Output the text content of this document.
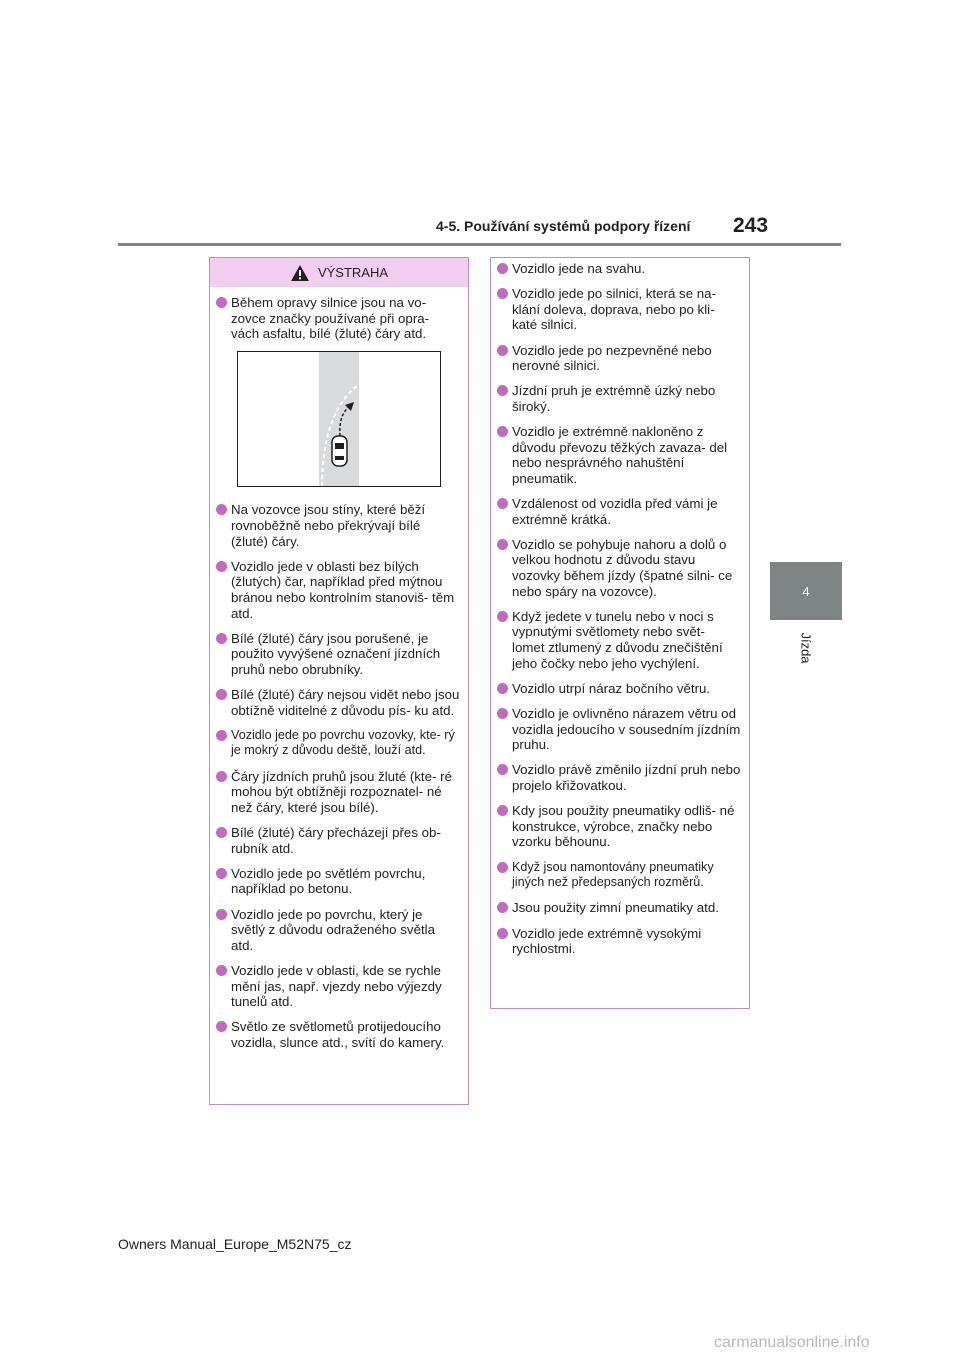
4-5. Používání systémů podpory řízení 243
4
Jízda
VÝSTRAHA
Během opravy silnice jsou na vo- zovce značky používané při opra- vách asfaltu, bílé (žluté) čáry atd.
Na vozovce jsou stíny, které běží rovnoběžně nebo překrývají bílé (žluté) čáry.
Vozidlo jede v oblasti bez bílých (žlutých) čar, například před mýtnou bránou nebo kontrolním stanoviš- těm atd.
Bílé (žluté) čáry jsou porušené, je použito vyvýšené označení jízdních pruhů nebo obrubníky.
Bílé (žluté) čáry nejsou vidět nebo jsou obtížně viditelné z důvodu pís- ku atd.
Vozidlo jede po povrchu vozovky, kte- rý je mokrý z důvodu deště, louží atd.
Čáry jízdních pruhů jsou žluté (kte- ré mohou být obtížněji rozpoznatel- né než čáry, které jsou bílé).
Bílé (žluté) čáry přecházejí přes ob- rubník atd.
Vozidlo jede po světlém povrchu, například po betonu.
Vozidlo jede po povrchu, který je světlý z důvodu odraženého světla atd.
Vozidlo jede v oblasti, kde se rychle mění jas, např. vjezdy nebo výjezdy tunelů atd.
Světlo ze světlometů protijedoucího vozidla, slunce atd., svítí do kamery.
Vozidlo jede na svahu.
Vozidlo jede po silnici, která se na- klání doleva, doprava, nebo po kli- katé silnici.
Vozidlo jede po nezpevněné nebo nerovné silnici.
Jízdní pruh je extrémně úzký nebo široký.
Vozidlo je extrémně nakloněno z důvodu převozu těžkých zavaza- del nebo nesprávného nahuštění pneumatik.
Vzdálenost od vozidla před vámi je extrémně krátká.
Vozidlo se pohybuje nahoru a dolů o velkou hodnotu z důvodu stavu vozovky během jízdy (špatné silni- ce nebo spáry na vozovce).
Když jedete v tunelu nebo v noci s vypnutými světlomety nebo svět- lomet ztlumený z důvodu znečištění jeho čočky nebo jeho vychýlení.
Vozidlo utrpí náraz bočního větru.
Vozidlo je ovlivněno nárazem větru od vozidla jedoucího v sousedním jízdním pruhu.
Vozidlo právě změnilo jízdní pruh nebo projelo křižovatkou.
Kdy jsou použity pneumatiky odliš- né konstrukce, výrobce, značky nebo vzorku běhounu.
Když jsou namontovány pneumatiky jiných než předepsaných rozměrů.
Jsou použity zimní pneumatiky atd.
Vozidlo jede extrémně vysokými rychlostmi.
Owners Manual_Europe_M52N75_cz
carmanualsonline.info
